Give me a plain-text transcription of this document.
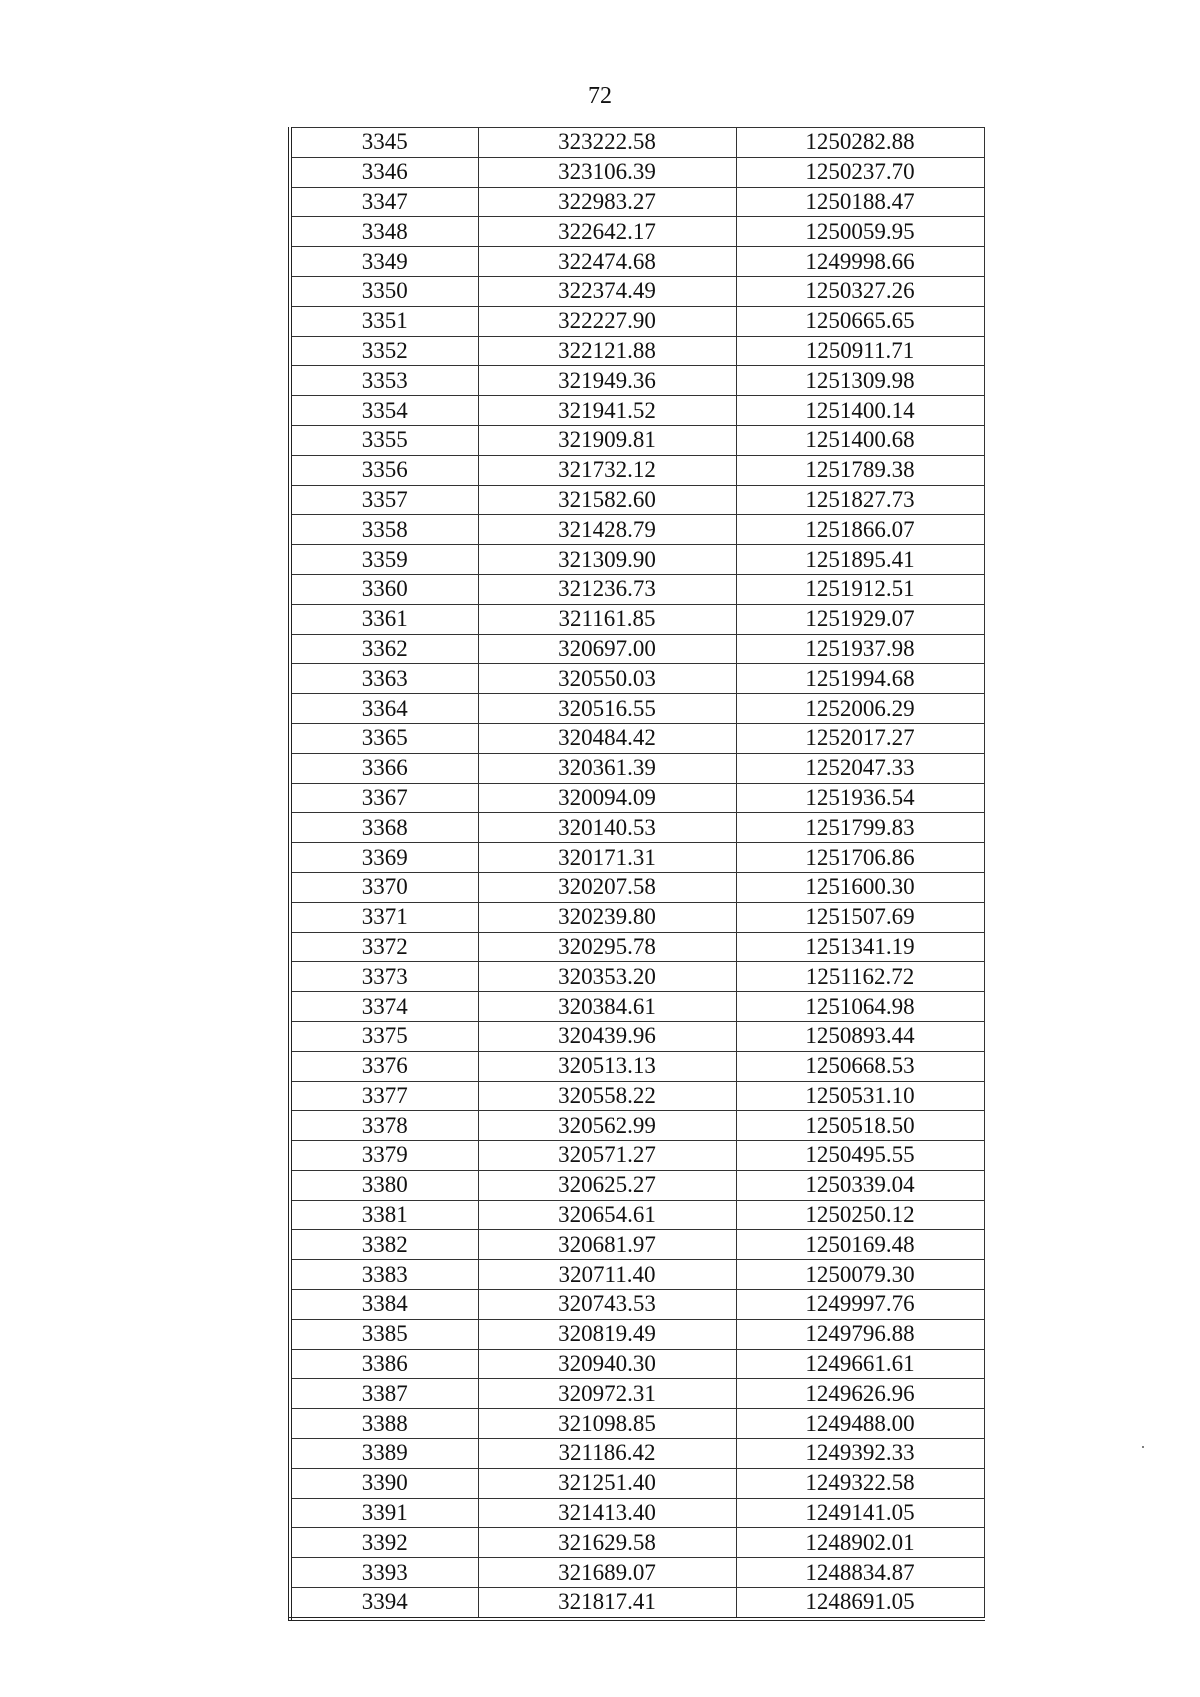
72
3345	323222.58	1250282.88
3346	323106.39	1250237.70
3347	322983.27	1250188.47
3348	322642.17	1250059.95
3349	322474.68	1249998.66
3350	322374.49	1250327.26
3351	322227.90	1250665.65
3352	322121.88	1250911.71
3353	321949.36	1251309.98
3354	321941.52	1251400.14
3355	321909.81	1251400.68
3356	321732.12	1251789.38
3357	321582.60	1251827.73
3358	321428.79	1251866.07
3359	321309.90	1251895.41
3360	321236.73	1251912.51
3361	321161.85	1251929.07
3362	320697.00	1251937.98
3363	320550.03	1251994.68
3364	320516.55	1252006.29
3365	320484.42	1252017.27
3366	320361.39	1252047.33
3367	320094.09	1251936.54
3368	320140.53	1251799.83
3369	320171.31	1251706.86
3370	320207.58	1251600.30
3371	320239.80	1251507.69
3372	320295.78	1251341.19
3373	320353.20	1251162.72
3374	320384.61	1251064.98
3375	320439.96	1250893.44
3376	320513.13	1250668.53
3377	320558.22	1250531.10
3378	320562.99	1250518.50
3379	320571.27	1250495.55
3380	320625.27	1250339.04
3381	320654.61	1250250.12
3382	320681.97	1250169.48
3383	320711.40	1250079.30
3384	320743.53	1249997.76
3385	320819.49	1249796.88
3386	320940.30	1249661.61
3387	320972.31	1249626.96
3388	321098.85	1249488.00
3389	321186.42	1249392.33
3390	321251.40	1249322.58
3391	321413.40	1249141.05
3392	321629.58	1248902.01
3393	321689.07	1248834.87
3394	321817.41	1248691.05
